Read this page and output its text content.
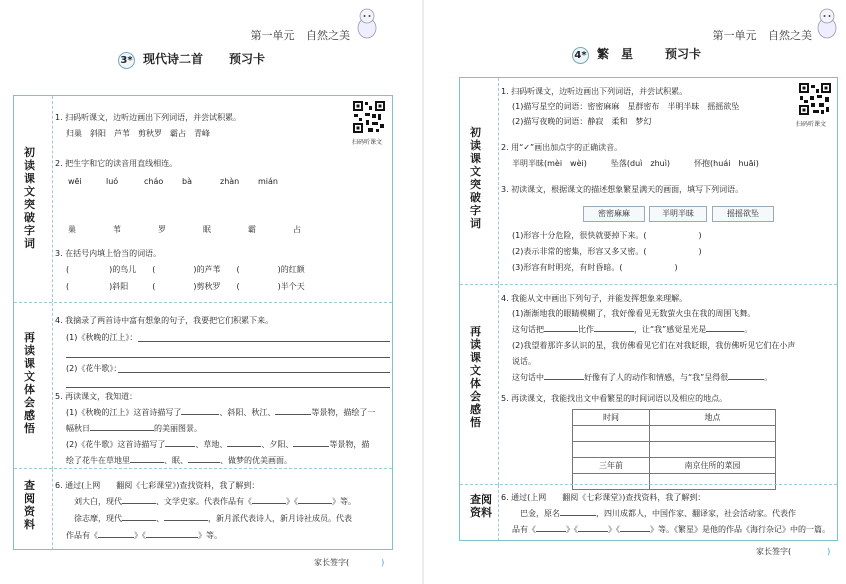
第一单元 自然之美
3* 现代诗二首 预习卡
初读课文　突破字词
1. 扫码听课文，边听边画出下列词语，并尝试积累。
归巢　 斜阳　 芦苇　 剪秋罗　 霸占　 青峰
扫码听课文
2. 把生字和它的读音用直线相连。
wēi	luó	cháo bà	zhàn mián
巢	苇	罗	眠	霸	占
3. 在括号内填上恰当的词语。
(	)的鸟儿　　(	)的芦苇　　(	)的红额
(	)斜阳　　　(	)剪秋罗　　(	)半个天
再读课文　体会感悟
4. 我摘录了两首诗中富有想象的句子，我要把它们积累下来。
(1)《秋晚的江上》：
(2)《花牛歌》：
5. 再读课文，我知道：
(1)《秋晚的江上》这首诗描写了	、斜阳、秋江、	等景物，描绘了一
幅秋日	的美丽图景。
(2)《花牛歌》这首诗描写了	、草地、	、夕阳、	等景物，描
绘了花牛在草地里	、眠、	、做梦的优美画面。
查阅资料
6. 通过(上网　　翻阅《七彩课堂》)查找资料，我了解到：
刘大白，现代	、文学史家。代表作品有《	》《	》等。
徐志摩，现代	、	，新月派代表诗人，新月诗社成员。代表
作品有《	》《	》等。
家长签字(	)
第一单元 自然之美
4* 繁　星	预习卡
初读课文　突破字词
1. 扫码听课文，边听边画出下列词语，并尝试积累。
(1)描写星空的词语：密密麻麻　星群密布　半明半昧　摇摇欲坠
(2)描写夜晚的词语：静寂　柔和　梦幻	扫码听课文
2. 用“✓”画出加点字的正确读音。
半明半昧(mèi　wèi)　　　	坠落(duì　zhuì)　　　	怀抱(huái　huāi)
3. 初读课文，根据课文的描述想象繁星满天的画面，填写下列词语。
密密麻麻	半明半昧	摇摇欲坠
(1)形容十分危险，很快就要掉下来。(	)
(2)表示非常的密集，形容又多又密。(	)
(3)形容有时明亮，有时昏暗。(	)
再读课文　体会感悟
4. 我能从文中画出下列句子，并能发挥想象来理解。
(1)渐渐地我的眼睛模糊了，我好像看见无数萤火虫在我的周围飞舞。
这句话把	比作	，让“我”感觉星光是	。
(2)我望着那许多认识的星，我仿佛看见它们在对我眨眼，我仿佛听见它们在小声
说话。
这句话中	好像有了人的动作和情感，与“我”呈得很	。
5. 再读课文，我能找出文中看繁星的时间词语以及相应的地点。
时间	地点

三年前	南京住所的菜园

查阅资料
6. 通过(上网　　翻阅《七彩课堂》)查找资料，我了解到：
巴金，原名	，四川成都人，中国作家、翻译家，社会活动家。代表作
品有《	》《	》《	》等。《繁星》是他的作品《海行杂记》中的一篇。
家长签字(	)
